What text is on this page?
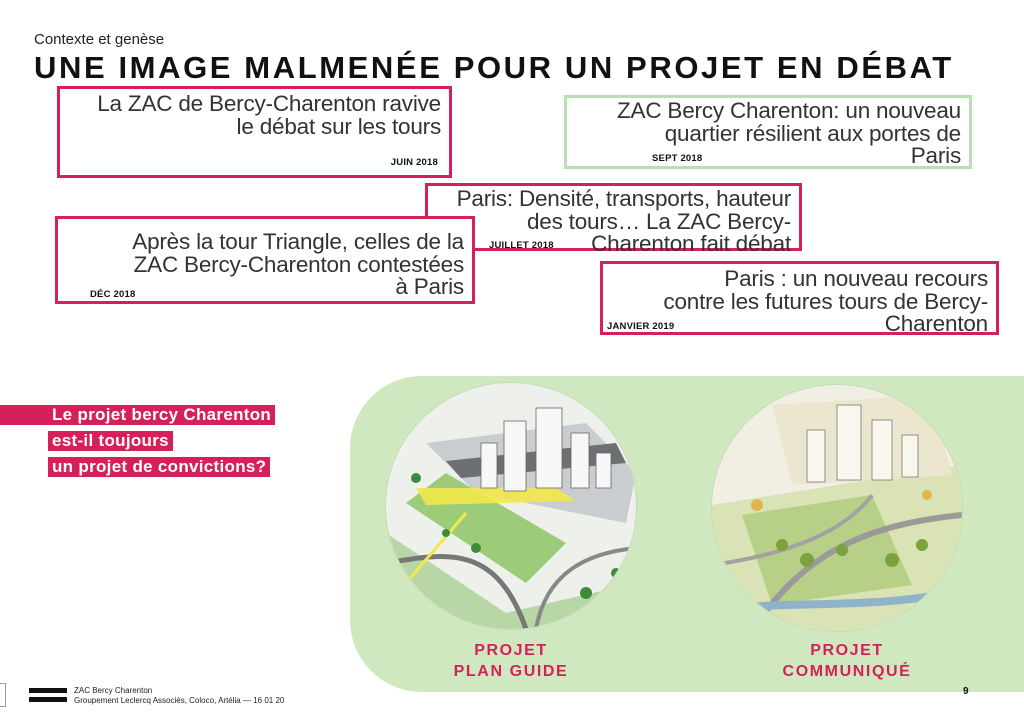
Contexte et genèse
UNE IMAGE MALMENÉE POUR UN PROJET EN DÉBAT
La ZAC de Bercy-Charenton ravive
le débat sur les tours
JUIN 2018
ZAC Bercy Charenton: un nouveau
quartier résilient aux portes de
Paris
SEPT 2018
Paris: Densité, transports, hauteur
des tours… La ZAC Bercy-
Charenton fait débat
JUILLET 2018
Après la tour Triangle, celles de la
ZAC Bercy-Charenton contestées
à Paris
DÉC 2018
Paris : un nouveau recours
contre les futures tours de Bercy-
Charenton
JANVIER 2019
Le projet bercy Charenton
est-il toujours
un projet de convictions?
PROJET
PLAN GUIDE
PROJET
COMMUNIQUÉ
ZAC Bercy Charenton
Groupement Leclercq Associés, Coloco, Artélia — 16 01 20
9
